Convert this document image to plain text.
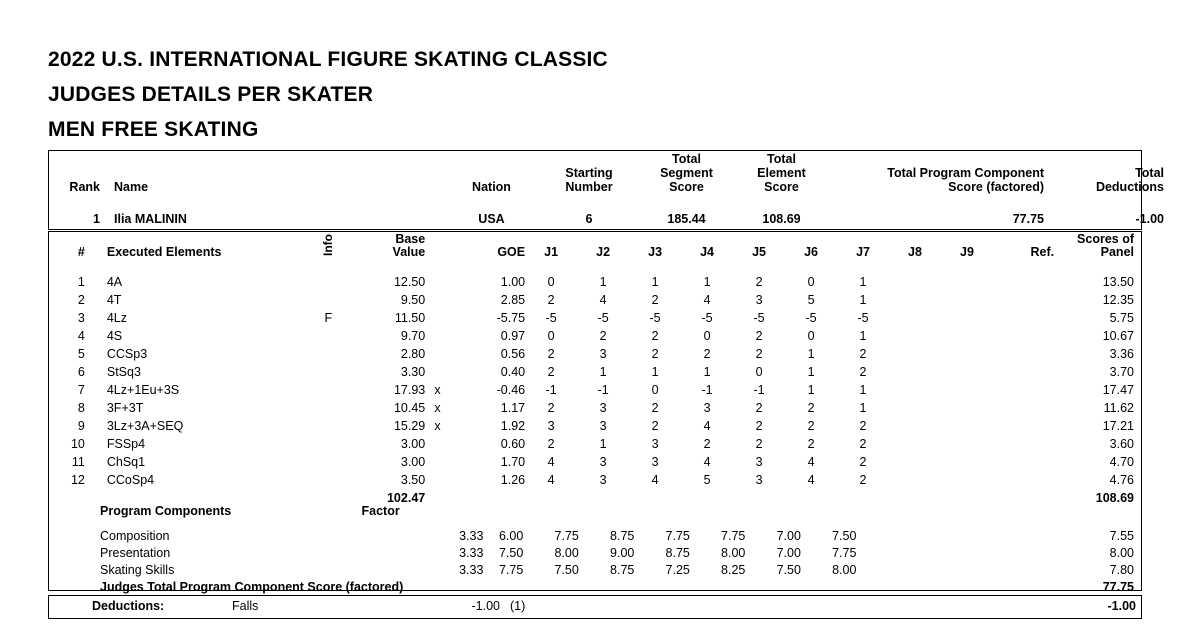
2022 U.S. INTERNATIONAL FIGURE SKATING CLASSIC
JUDGES DETAILS PER SKATER
MEN FREE SKATING
Rank	Name	Nation	
Starting
Number

Total
Segment
Score

Total
Element
Score

Total Program Component
Score (factored)

Total
Deductions

1	Ilia MALININ	USA	6	185.44	108.69	77.75	-1.00
#	Executed Elements	Info	Base
Value		GOE	J1	J2	J3	J4	J5	J6	J7	J8	J9	Ref.	
Scores of
Panel

1	4A		12.50		1.00	0	1	1	1	2	0	1				13.50
2	4T		9.50		2.85	2	4	2	4	3	5	1				12.35
3	4Lz	F	11.50		-5.75	-5	-5	-5	-5	-5	-5	-5				5.75
4	4S		9.70		0.97	0	2	2	0	2	0	1				10.67
5	CCSp3		2.80		0.56	2	3	2	2	2	1	2				3.36
6	StSq3		3.30		0.40	2	1	1	1	0	1	2				3.70
7	4Lz+1Eu+3S		17.93	x	-0.46	-1	-1	0	-1	-1	1	1				17.47
8	3F+3T		10.45	x	1.17	2	3	2	3	2	2	1				11.62
9	3Lz+3A+SEQ		15.29	x	1.92	3	3	2	4	2	2	2				17.21
10	FSSp4		3.00		0.60	2	1	3	2	2	2	2				3.60
11	ChSq1		3.00		1.70	4	3	3	4	3	4	2				4.70
12	CCoSp4		3.50		1.26	4	3	4	5	3	4	2				4.76
			102.47													108.69
Program Components	Factor											

Composition	3.33	6.00	7.75	8.75	7.75	7.75	7.00	7.50				7.55
Presentation	3.33	7.50	8.00	9.00	8.75	8.00	7.00	7.75				8.00
Skating Skills	3.33	7.75	7.50	8.75	7.25	8.25	7.50	8.00				7.80
Judges Total Program Component Score (factored)												77.75
Deductions:	Falls	-1.00	(1)		-1.00
